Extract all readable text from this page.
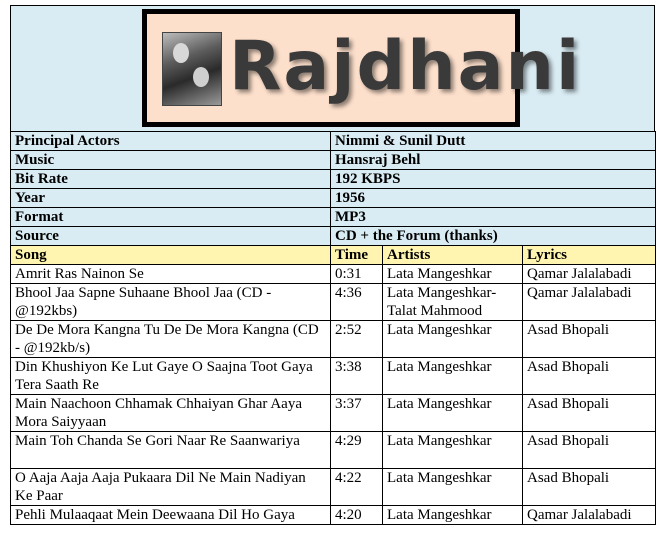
Rajdhani
Principal Actors	Nimmi & Sunil Dutt		
Music	Hansraj Behl		
Bit Rate	192 KBPS		
Year	1956		
Format	MP3		
Source	CD + the Forum (thanks)		
Song	Time	Artists	Lyrics
Amrit Ras Nainon Se	0:31	Lata Mangeshkar	Qamar Jalalabadi
Bhool Jaa Sapne Suhaane Bhool Jaa (CD - @192kbs)	4:36	Lata Mangeshkar-Talat Mahmood	Qamar Jalalabadi
De De Mora Kangna Tu De De Mora Kangna (CD - @192kb/s)	2:52	Lata Mangeshkar	Asad Bhopali
Din Khushiyon Ke Lut Gaye O Saajna Toot Gaya Tera Saath Re	3:38	Lata Mangeshkar	Asad Bhopali
Main Naachoon Chhamak Chhaiyan Ghar Aaya Mora Saiyyaan	3:37	Lata Mangeshkar	Asad Bhopali
Main Toh Chanda Se Gori Naar Re Saanwariya	4:29	Lata Mangeshkar	Asad Bhopali
O Aaja Aaja Aaja Pukaara Dil Ne Main Nadiyan Ke Paar	4:22	Lata Mangeshkar	Asad Bhopali
Pehli Mulaaqaat Mein Deewaana Dil Ho Gaya	4:20	Lata Mangeshkar	Qamar Jalalabadi
